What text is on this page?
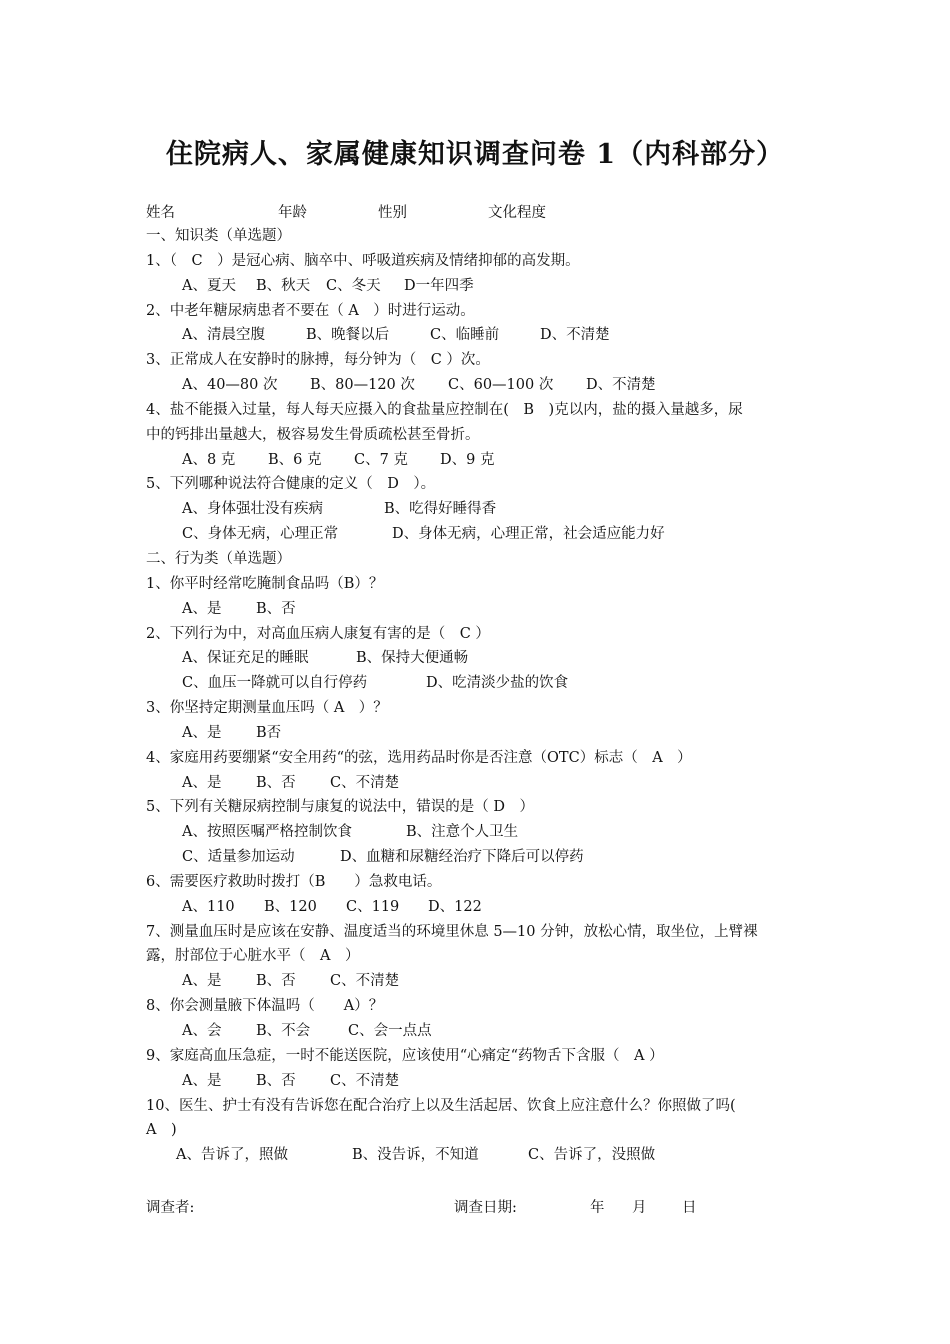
住院病人、家属健康知识调查问卷 1（内科部分）
姓名	年龄	性别	文化程度
一、知识类（单选题）
1、（　C　）是冠心病、脑卒中、呼吸道疾病及情绪抑郁的高发期。
A、夏天 B、秋天 C、冬天 D一年四季
2、中老年糖尿病患者不要在（ A　）时进行运动。
A、清晨空腹	B、晚餐以后	C、临睡前	D、不清楚
3、正常成人在安静时的脉搏，每分钟为（　C ）次。
A、40—80 次 B、80—120 次 C、60—100 次 D、不清楚
4、盐不能摄入过量，每人每天应摄入的食盐量应控制在(　B　)克以内，盐的摄入量越多，尿
中的钙排出量越大，极容易发生骨质疏松甚至骨折。
A、8 克 B、6 克 C、7 克 D、9 克
5、下列哪种说法符合健康的定义（　D　）。
A、身体强壮没有疾病	B、吃得好睡得香
C、身体无病，心理正常	D、身体无病，心理正常，社会适应能力好
二、行为类（单选题）
1、你平时经常吃腌制食品吗（B）？
A、是 B、否
2、下列行为中，对高血压病人康复有害的是（　C ）
A、保证充足的睡眠	B、保持大便通畅
C、血压一降就可以自行停药	D、吃清淡少盐的饮食
3、你坚持定期测量血压吗（ A　）？
A、是 B否
4、家庭用药要绷紧“安全用药“的弦，选用药品时你是否注意（OTC）标志（　A　）
A、是 B、否 C、不清楚
5、下列有关糖尿病控制与康复的说法中，错误的是（ D　）
A、按照医嘱严格控制饮食	B、注意个人卫生
C、适量参加运动	D、血糖和尿糖经治疗下降后可以停药
6、需要医疗救助时拨打（B　　）急救电话。
A、110 B、120 C、119 D、122
7、测量血压时是应该在安静、温度适当的环境里休息 5—10 分钟，放松心情，取坐位，上臂裸
露，肘部位于心脏水平（　A　）
A、是 B、否 C、不清楚
8、你会测量腋下体温吗（　　A）？
A、会 B、不会	C、会一点点
9、家庭高血压急症，一时不能送医院，应该使用“心痛定“药物舌下含服（　A ）
A、是 B、否 C、不清楚
10、医生、护士有没有告诉您在配合治疗上以及生活起居、饮食上应注意什么？你照做了吗(
A　)
A、告诉了，照做	B、没告诉，不知道	C、告诉了，没照做
调查者:	调查日期:	年 月 日
